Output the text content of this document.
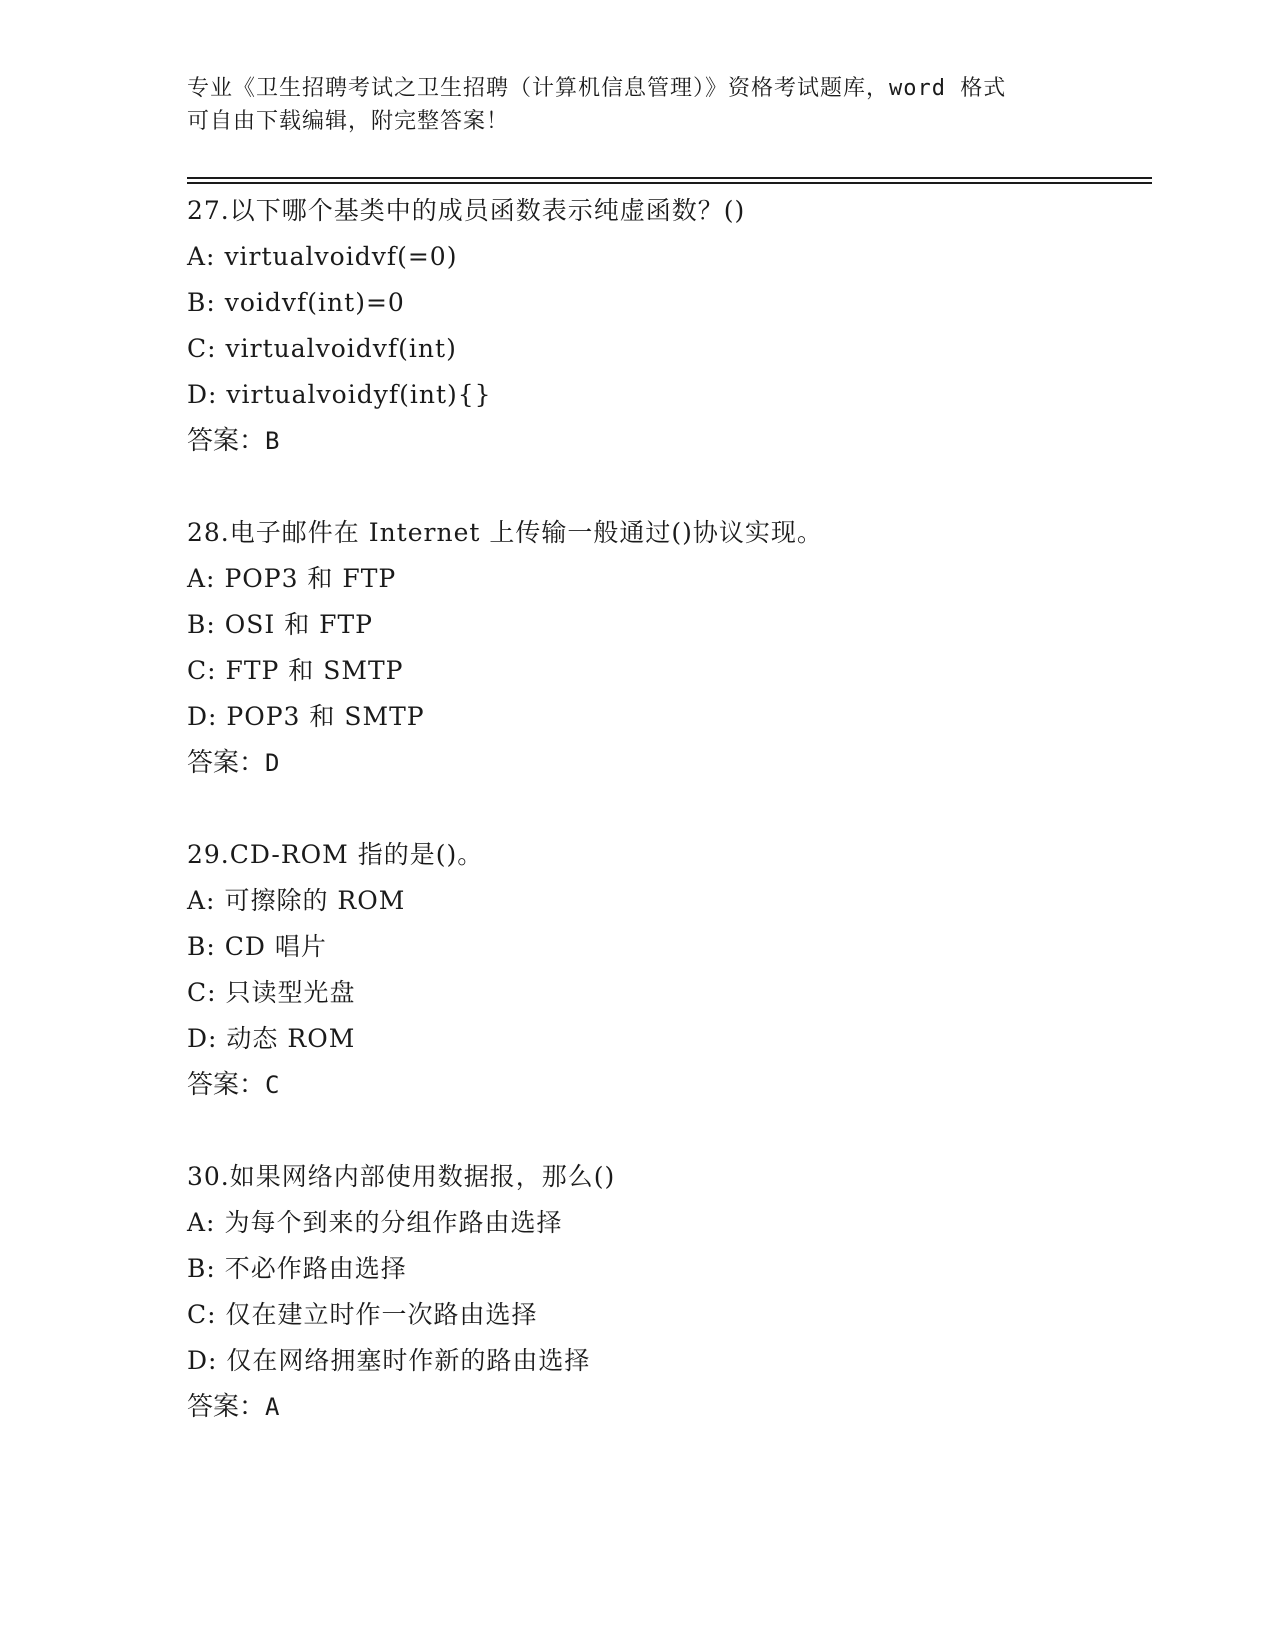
专业《卫生招聘考试之卫生招聘（计算机信息管理）》资格考试题库，word 格式
可自由下载编辑，附完整答案！
27.以下哪个基类中的成员函数表示纯虚函数？()
A: virtualvoidvf(=0)
B: voidvf(int)=0
C: virtualvoidvf(int)
D: virtualvoidyf(int){}
答案：B
28.电子邮件在 Internet 上传输一般通过()协议实现。
A: POP3 和 FTP
B: OSI 和 FTP
C: FTP 和 SMTP
D: POP3 和 SMTP
答案：D
29.CD-ROM 指的是()。
A: 可擦除的 ROM
B: CD 唱片
C: 只读型光盘
D: 动态 ROM
答案：C
30.如果网络内部使用数据报，那么()
A: 为每个到来的分组作路由选择
B: 不必作路由选择
C: 仅在建立时作一次路由选择
D: 仅在网络拥塞时作新的路由选择
答案：A
